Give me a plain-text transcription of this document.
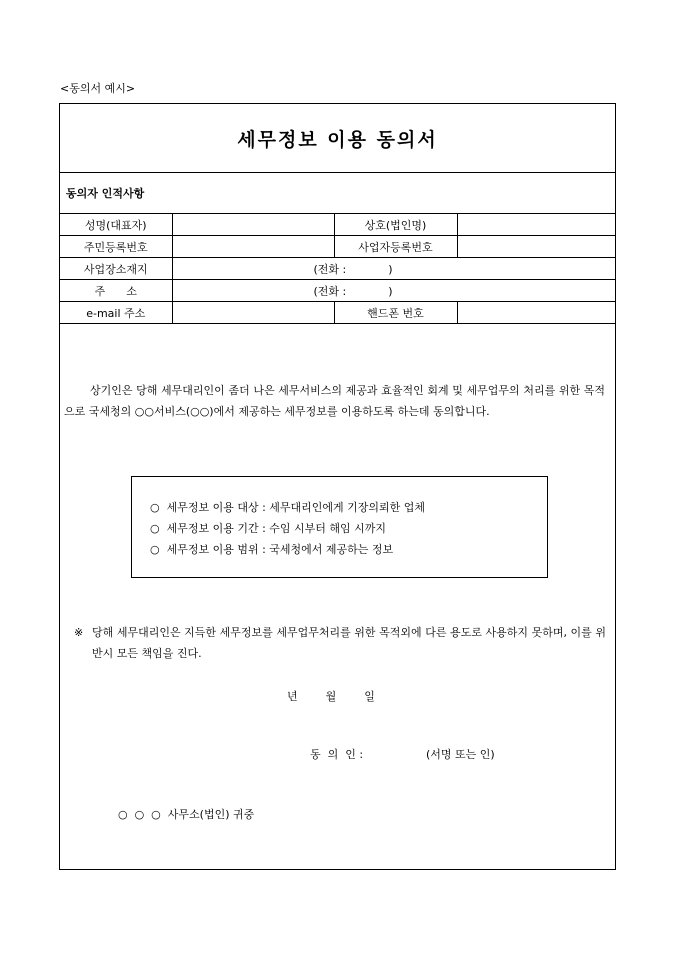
<동의서 예시>
세무정보 이용 동의서
동의자 인적사항
성명(대표자)		상호(법인명)	
주민등록번호		사업자등록번호	
사업장소재지	(전화 :            )		
주      소	(전화 :            )		
e-mail 주소		핸드폰 번호	
상기인은 당해 세무대리인이 좀더 나은 세무서비스의 제공과 효율적인 회계 및 세무업무의 처리를 위한 목적으로 국세청의 ○○서비스(○○)에서 제공하는 세무정보를 이용하도록 하는데 동의합니다.
○  세무정보 이용 대상 : 세무대리인에게 기장의뢰한 업체
○  세무정보 이용 기간 : 수임 시부터 해임 시까지
○  세무정보 이용 범위 : 국세청에서 제공하는 정보
※ 당해 세무대리인은 지득한 세무정보를 세무업무처리를 위한 목적외에 다른 용도로 사용하지 못하며, 이를 위반시 모든 책임을 진다.
년        월        일
동  의  인 :                  (서명 또는 인)
○  ○  ○  사무소(법인) 귀중
